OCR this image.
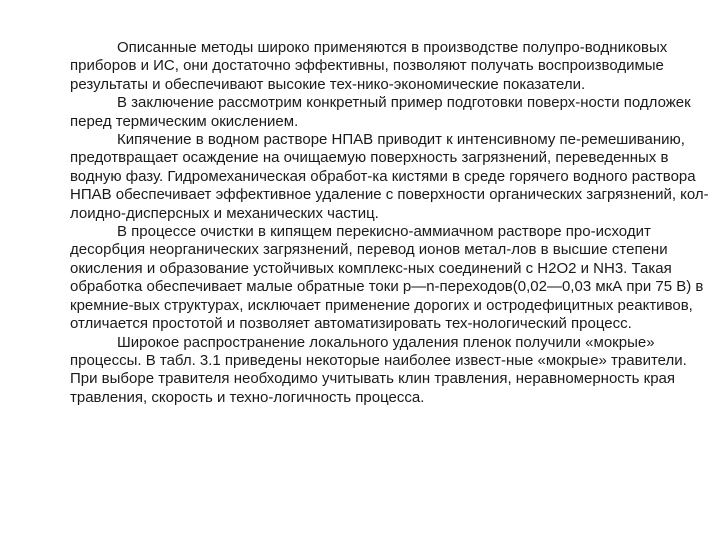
Описанные методы широко применяются в производстве полупро-водниковых приборов и ИС, они достаточно эффективны, позволяют получать воспроизводимые результаты и обеспечивают высокие тех-нико-экономические показатели.

В заключение рассмотрим конкретный пример подготовки поверх-ности подложек перед термическим окислением.

Кипячение в водном растворе НПАВ приводит к интенсивному пе-ремешиванию, предотвращает осаждение на очищаемую поверхность загрязнений, переведенных в водную фазу. Гидромеханическая обработ-ка кистями в среде горячего водного раствора НПАВ обеспечивает эффективное удаление с поверхности органических загрязнений, кол-лоидно-дисперсных и механических частиц.

В процессе очистки в кипящем перекисно-аммиачном растворе про-исходит десорбция неорганических загрязнений, перевод ионов метал-лов в высшие степени окисления и образование устойчивых комплекс-ных соединений с H2O2 и NH3. Такая обработка обеспечивает малые обратные токи p—n-переходов(0,02—0,03 мкА при 75 В) в кремние-вых структурах, исключает применение дорогих и остродефицитных реактивов, отличается простотой и позволяет автоматизировать тех-нологический процесс.

Широкое распространение локального удаления пленок получили «мокрые» процессы. В табл. 3.1 приведены некоторые наиболее извест-ные «мокрые» травители. При выборе травителя необходимо учитывать клин травления, неравномерность края травления, скорость и техно-логичность процесса.
